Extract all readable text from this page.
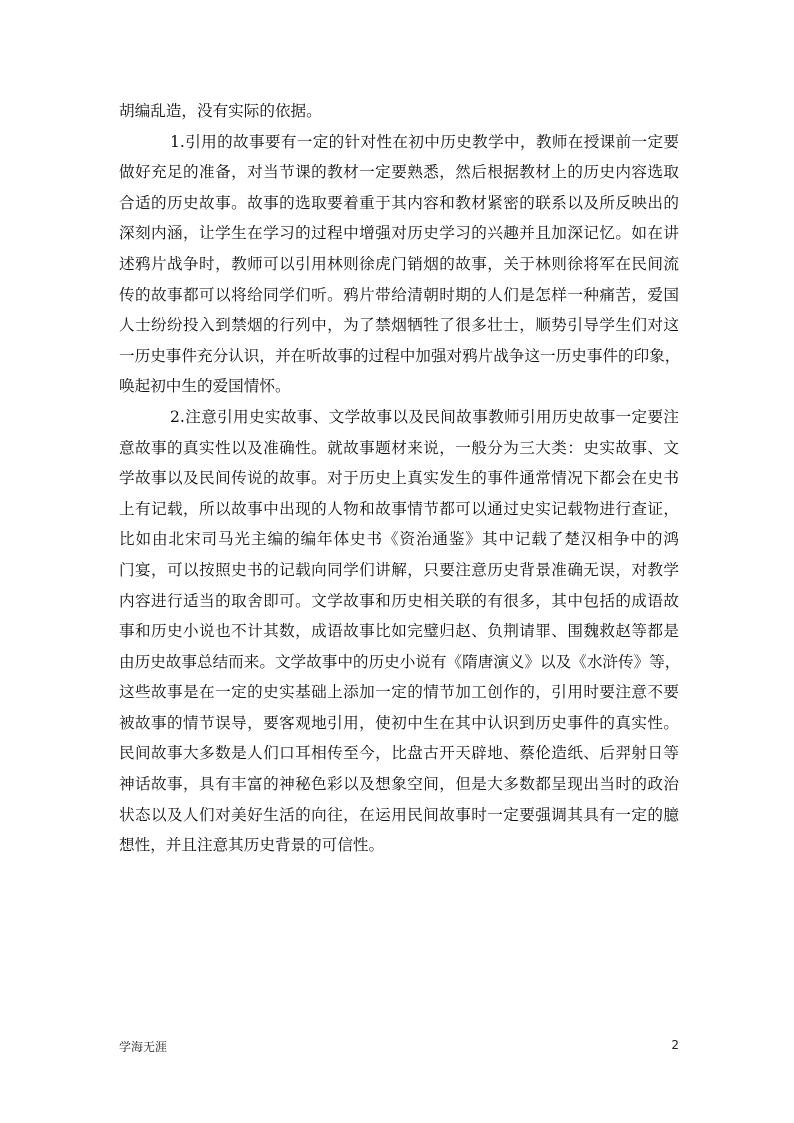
胡编乱造，没有实际的依据。

1.引用的故事要有一定的针对性在初中历史教学中，教师在授课前一定要

做好充足的准备，对当节课的教材一定要熟悉，然后根据教材上的历史内容选取

合适的历史故事。故事的选取要着重于其内容和教材紧密的联系以及所反映出的

深刻内涵，让学生在学习的过程中增强对历史学习的兴趣并且加深记忆。如在讲

述鸦片战争时，教师可以引用林则徐虎门销烟的故事，关于林则徐将军在民间流

传的故事都可以将给同学们听。鸦片带给清朝时期的人们是怎样一种痛苦，爱国

人士纷纷投入到禁烟的行列中，为了禁烟牺牲了很多壮士，顺势引导学生们对这

一历史事件充分认识，并在听故事的过程中加强对鸦片战争这一历史事件的印象，

唤起初中生的爱国情怀。

2.注意引用史实故事、文学故事以及民间故事教师引用历史故事一定要注

意故事的真实性以及准确性。就故事题材来说，一般分为三大类：史实故事、文

学故事以及民间传说的故事。对于历史上真实发生的事件通常情况下都会在史书

上有记载，所以故事中出现的人物和故事情节都可以通过史实记载物进行查证，

比如由北宋司马光主编的编年体史书《资治通鉴》其中记载了楚汉相争中的鸿

门宴，可以按照史书的记载向同学们讲解，只要注意历史背景准确无误，对教学

内容进行适当的取舍即可。文学故事和历史相关联的有很多，其中包括的成语故

事和历史小说也不计其数，成语故事比如完璧归赵、负荆请罪、围魏救赵等都是

由历史故事总结而来。文学故事中的历史小说有《隋唐演义》以及《水浒传》等，

这些故事是在一定的史实基础上添加一定的情节加工创作的，引用时要注意不要

被故事的情节误导，要客观地引用，使初中生在其中认识到历史事件的真实性。

民间故事大多数是人们口耳相传至今，比盘古开天辟地、蔡伦造纸、后羿射日等

神话故事，具有丰富的神秘色彩以及想象空间，但是大多数都呈现出当时的政治

状态以及人们对美好生活的向往，在运用民间故事时一定要强调其具有一定的臆

想性，并且注意其历史背景的可信性。

学海无涯	2
